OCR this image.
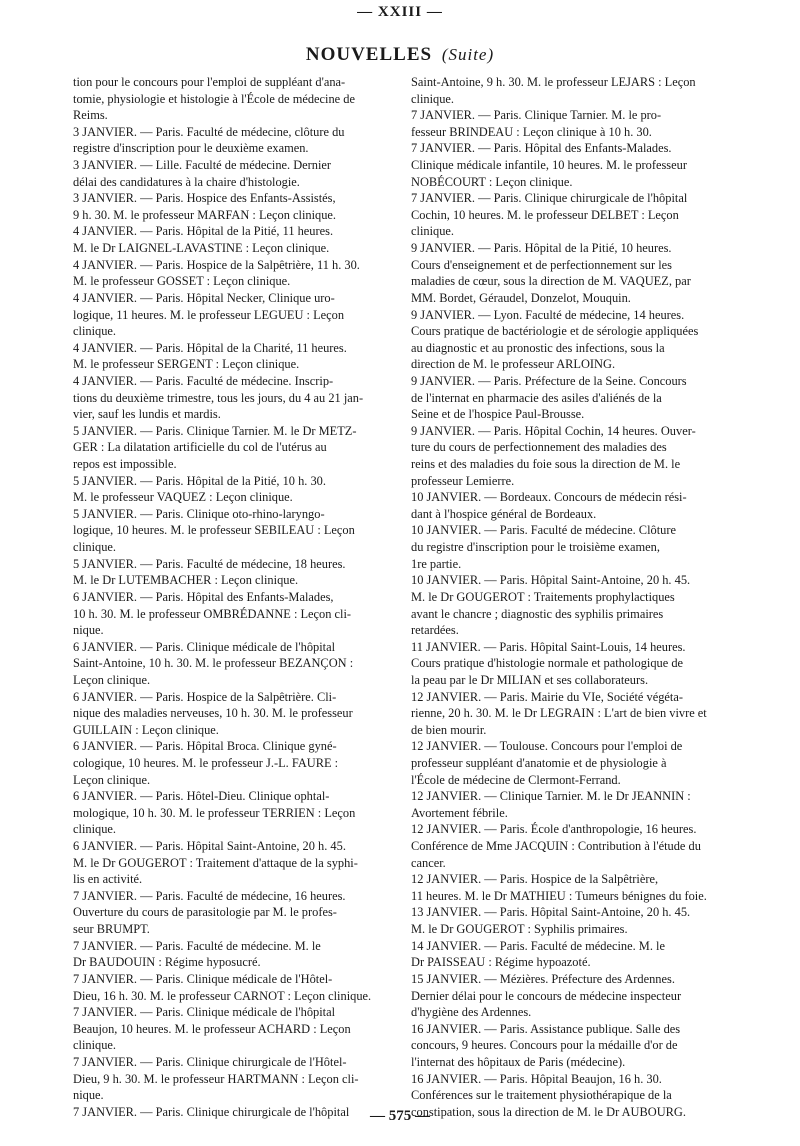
— XXIII —
NOUVELLES (Suite)
tion pour le concours pour l'emploi de suppléant d'ana-
tomie, physiologie et histologie à l'École de médecine de
Reims.
3 JANVIER. — Paris. Faculté de médecine, clôture du
registre d'inscription pour le deuxième examen.
3 JANVIER. — Lille. Faculté de médecine. Dernier
délai des candidatures à la chaire d'histologie.
3 JANVIER. — Paris. Hospice des Enfants-Assistés,
9 h. 30. M. le professeur MARFAN : Leçon clinique.
4 JANVIER. — Paris. Hôpital de la Pitié, 11 heures.
M. le Dr LAIGNEL-LAVASTINE : Leçon clinique.
4 JANVIER. — Paris. Hospice de la Salpêtrière, 11 h. 30.
M. le professeur GOSSET : Leçon clinique.
4 JANVIER. — Paris. Hôpital Necker, Clinique uro-
logique, 11 heures. M. le professeur LEGUEU : Leçon
clinique.
4 JANVIER. — Paris. Hôpital de la Charité, 11 heures.
M. le professeur SERGENT : Leçon clinique.
4 JANVIER. — Paris. Faculté de médecine. Inscrip-
tions du deuxième trimestre, tous les jours, du 4 au 21 jan-
vier, sauf les lundis et mardis.
5 JANVIER. — Paris. Clinique Tarnier. M. le Dr METZ-
GER : La dilatation artificielle du col de l'utérus au
repos est impossible.
5 JANVIER. — Paris. Hôpital de la Pitié, 10 h. 30.
M. le professeur VAQUEZ : Leçon clinique.
5 JANVIER. — Paris. Clinique oto-rhino-laryngo-
logique, 10 heures. M. le professeur SEBILEAU : Leçon
clinique.
5 JANVIER. — Paris. Faculté de médecine, 18 heures.
M. le Dr LUTEMBACHER : Leçon clinique.
6 JANVIER. — Paris. Hôpital des Enfants-Malades,
10 h. 30. M. le professeur OMBRÉDANNE : Leçon cli-
nique.
6 JANVIER. — Paris. Clinique médicale de l'hôpital
Saint-Antoine, 10 h. 30. M. le professeur BEZANÇON :
Leçon clinique.
6 JANVIER. — Paris. Hospice de la Salpêtrière. Cli-
nique des maladies nerveuses, 10 h. 30. M. le professeur
GUILLAIN : Leçon clinique.
6 JANVIER. — Paris. Hôpital Broca. Clinique gyné-
cologique, 10 heures. M. le professeur J.-L. FAURE :
Leçon clinique.
6 JANVIER. — Paris. Hôtel-Dieu. Clinique ophtal-
mologique, 10 h. 30. M. le professeur TERRIEN : Leçon
clinique.
6 JANVIER. — Paris. Hôpital Saint-Antoine, 20 h. 45.
M. le Dr GOUGEROT : Traitement d'attaque de la syphi-
lis en activité.
7 JANVIER. — Paris. Faculté de médecine, 16 heures.
Ouverture du cours de parasitologie par M. le profes-
seur BRUMPT.
7 JANVIER. — Paris. Faculté de médecine. M. le
Dr BAUDOUIN : Régime hyposucré.
7 JANVIER. — Paris. Clinique médicale de l'Hôtel-
Dieu, 16 h. 30. M. le professeur CARNOT : Leçon clinique.
7 JANVIER. — Paris. Clinique médicale de l'hôpital
Beaujon, 10 heures. M. le professeur ACHARD : Leçon
clinique.
7 JANVIER. — Paris. Clinique chirurgicale de l'Hôtel-
Dieu, 9 h. 30. M. le professeur HARTMANN : Leçon cli-
nique.
7 JANVIER. — Paris. Clinique chirurgicale de l'hôpital
Saint-Antoine, 9 h. 30. M. le professeur LEJARS : Leçon
clinique.
7 JANVIER. — Paris. Clinique Tarnier. M. le pro-
fesseur BRINDEAU : Leçon clinique à 10 h. 30.
7 JANVIER. — Paris. Hôpital des Enfants-Malades.
Clinique médicale infantile, 10 heures. M. le professeur
NOBÉCOURT : Leçon clinique.
7 JANVIER. — Paris. Clinique chirurgicale de l'hôpital
Cochin, 10 heures. M. le professeur DELBET : Leçon
clinique.
9 JANVIER. — Paris. Hôpital de la Pitié, 10 heures.
Cours d'enseignement et de perfectionnement sur les
maladies de cœur, sous la direction de M. VAQUEZ, par
MM. Bordet, Géraudel, Donzelot, Mouquin.
9 JANVIER. — Lyon. Faculté de médecine, 14 heures.
Cours pratique de bactériologie et de sérologie appliquées
au diagnostic et au pronostic des infections, sous la
direction de M. le professeur ARLOING.
9 JANVIER. — Paris. Préfecture de la Seine. Concours
de l'internat en pharmacie des asiles d'aliénés de la
Seine et de l'hospice Paul-Brousse.
9 JANVIER. — Paris. Hôpital Cochin, 14 heures. Ouver-
ture du cours de perfectionnement des maladies des
reins et des maladies du foie sous la direction de M. le
professeur Lemierre.
10 JANVIER. — Bordeaux. Concours de médecin rési-
dant à l'hospice général de Bordeaux.
10 JANVIER. — Paris. Faculté de médecine. Clôture
du registre d'inscription pour le troisième examen,
1re partie.
10 JANVIER. — Paris. Hôpital Saint-Antoine, 20 h. 45.
M. le Dr GOUGEROT : Traitements prophylactiques
avant le chancre ; diagnostic des syphilis primaires
retardées.
11 JANVIER. — Paris. Hôpital Saint-Louis, 14 heures.
Cours pratique d'histologie normale et pathologique de
la peau par le Dr MILIAN et ses collaborateurs.
12 JANVIER. — Paris. Mairie du VIe, Société végéta-
rienne, 20 h. 30. M. le Dr LEGRAIN : L'art de bien vivre et
de bien mourir.
12 JANVIER. — Toulouse. Concours pour l'emploi de
professeur suppléant d'anatomie et de physiologie à
l'École de médecine de Clermont-Ferrand.
12 JANVIER. — Clinique Tarnier. M. le Dr JEANNIN :
Avortement fébrile.
12 JANVIER. — Paris. École d'anthropologie, 16 heures.
Conférence de Mme JACQUIN : Contribution à l'étude du
cancer.
12 JANVIER. — Paris. Hospice de la Salpêtrière,
11 heures. M. le Dr MATHIEU : Tumeurs bénignes du foie.
13 JANVIER. — Paris. Hôpital Saint-Antoine, 20 h. 45.
M. le Dr GOUGEROT : Syphilis primaires.
14 JANVIER. — Paris. Faculté de médecine. M. le
Dr PAISSEAU : Régime hypoazoté.
15 JANVIER. — Mézières. Préfecture des Ardennes.
Dernier délai pour le concours de médecine inspecteur
d'hygiène des Ardennes.
16 JANVIER. — Paris. Assistance publique. Salle des
concours, 9 heures. Concours pour la médaille d'or de
l'internat des hôpitaux de Paris (médecine).
16 JANVIER. — Paris. Hôpital Beaujon, 16 h. 30.
Conférences sur le traitement physiothérapique de la
constipation, sous la direction de M. le Dr AUBOURG.
— 575 —
